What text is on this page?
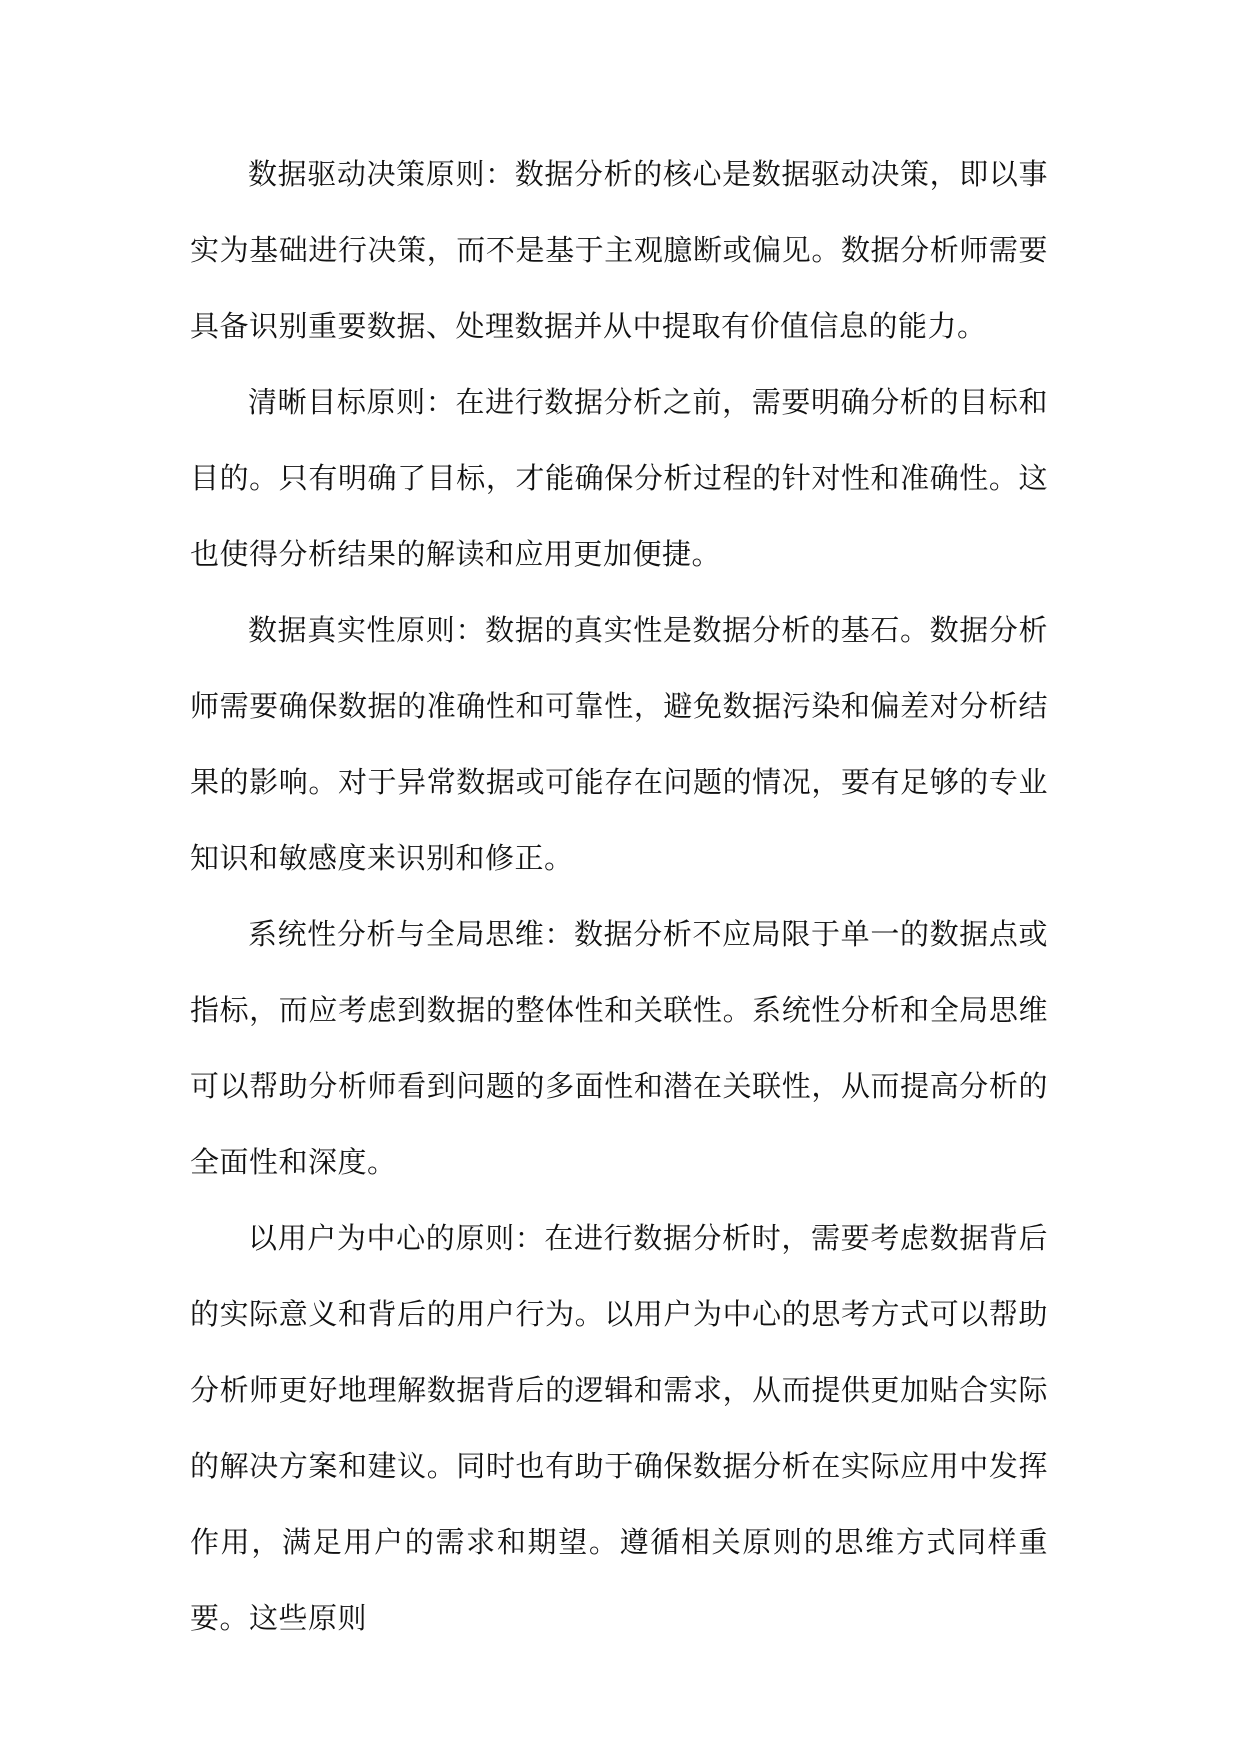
数据驱动决策原则：数据分析的核心是数据驱动决策，即以事实为基础进行决策，而不是基于主观臆断或偏见。数据分析师需要具备识别重要数据、处理数据并从中提取有价值信息的能力。

清晰目标原则：在进行数据分析之前，需要明确分析的目标和目的。只有明确了目标，才能确保分析过程的针对性和准确性。这也使得分析结果的解读和应用更加便捷。

数据真实性原则：数据的真实性是数据分析的基石。数据分析师需要确保数据的准确性和可靠性，避免数据污染和偏差对分析结果的影响。对于异常数据或可能存在问题的情况，要有足够的专业知识和敏感度来识别和修正。

系统性分析与全局思维：数据分析不应局限于单一的数据点或指标，而应考虑到数据的整体性和关联性。系统性分析和全局思维可以帮助分析师看到问题的多面性和潜在关联性，从而提高分析的全面性和深度。

以用户为中心的原则：在进行数据分析时，需要考虑数据背后的实际意义和背后的用户行为。以用户为中心的思考方式可以帮助分析师更好地理解数据背后的逻辑和需求，从而提供更加贴合实际的解决方案和建议。同时也有助于确保数据分析在实际应用中发挥作用，满足用户的需求和期望。遵循相关原则的思维方式同样重要。这些原则
